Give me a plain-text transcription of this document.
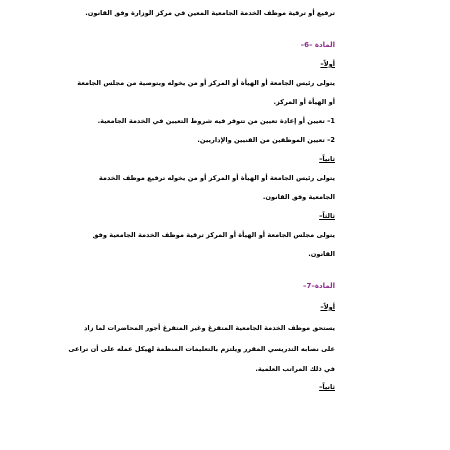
ترفيع أو ترقية موظف الخدمة الجامعية المعين في مركز الوزارة وفق القانون.
المادة –6–
أولاً–
يتولى رئيس الجامعة أو الهيأة أو المركز أو من يخوله وبتوصية من مجلس الجامعة
أو الهيأة أو المركز.
1– تعيين أو إعادة تعيين من تتوفر فيه شروط التعيين في الخدمة الجامعية.
2– تعيين الموظفين من الفنيين والإداريين.
ثانياً–
يتولى رئيس الجامعة أو الهيأة أو المركز أو من يخوله ترفيع موظف الخدمة
الجامعية وفق القانون.
ثالثاً–
يتولى مجلس الجامعة أو الهيأة أو المركز ترقية موظف الخدمة الجامعية وفق
القانون.
المادة–7–
أولاً–
يستحق موظف الخدمة الجامعية المتفرغ وغير المتفرغ أجور المحاضرات لما زاد
على نصابه التدريسي المقرر ويلتزم بالتعليمات المنظمة لهيكل عمله على أن تراعى
في ذلك المراتب العلمية.
ثانياً–
